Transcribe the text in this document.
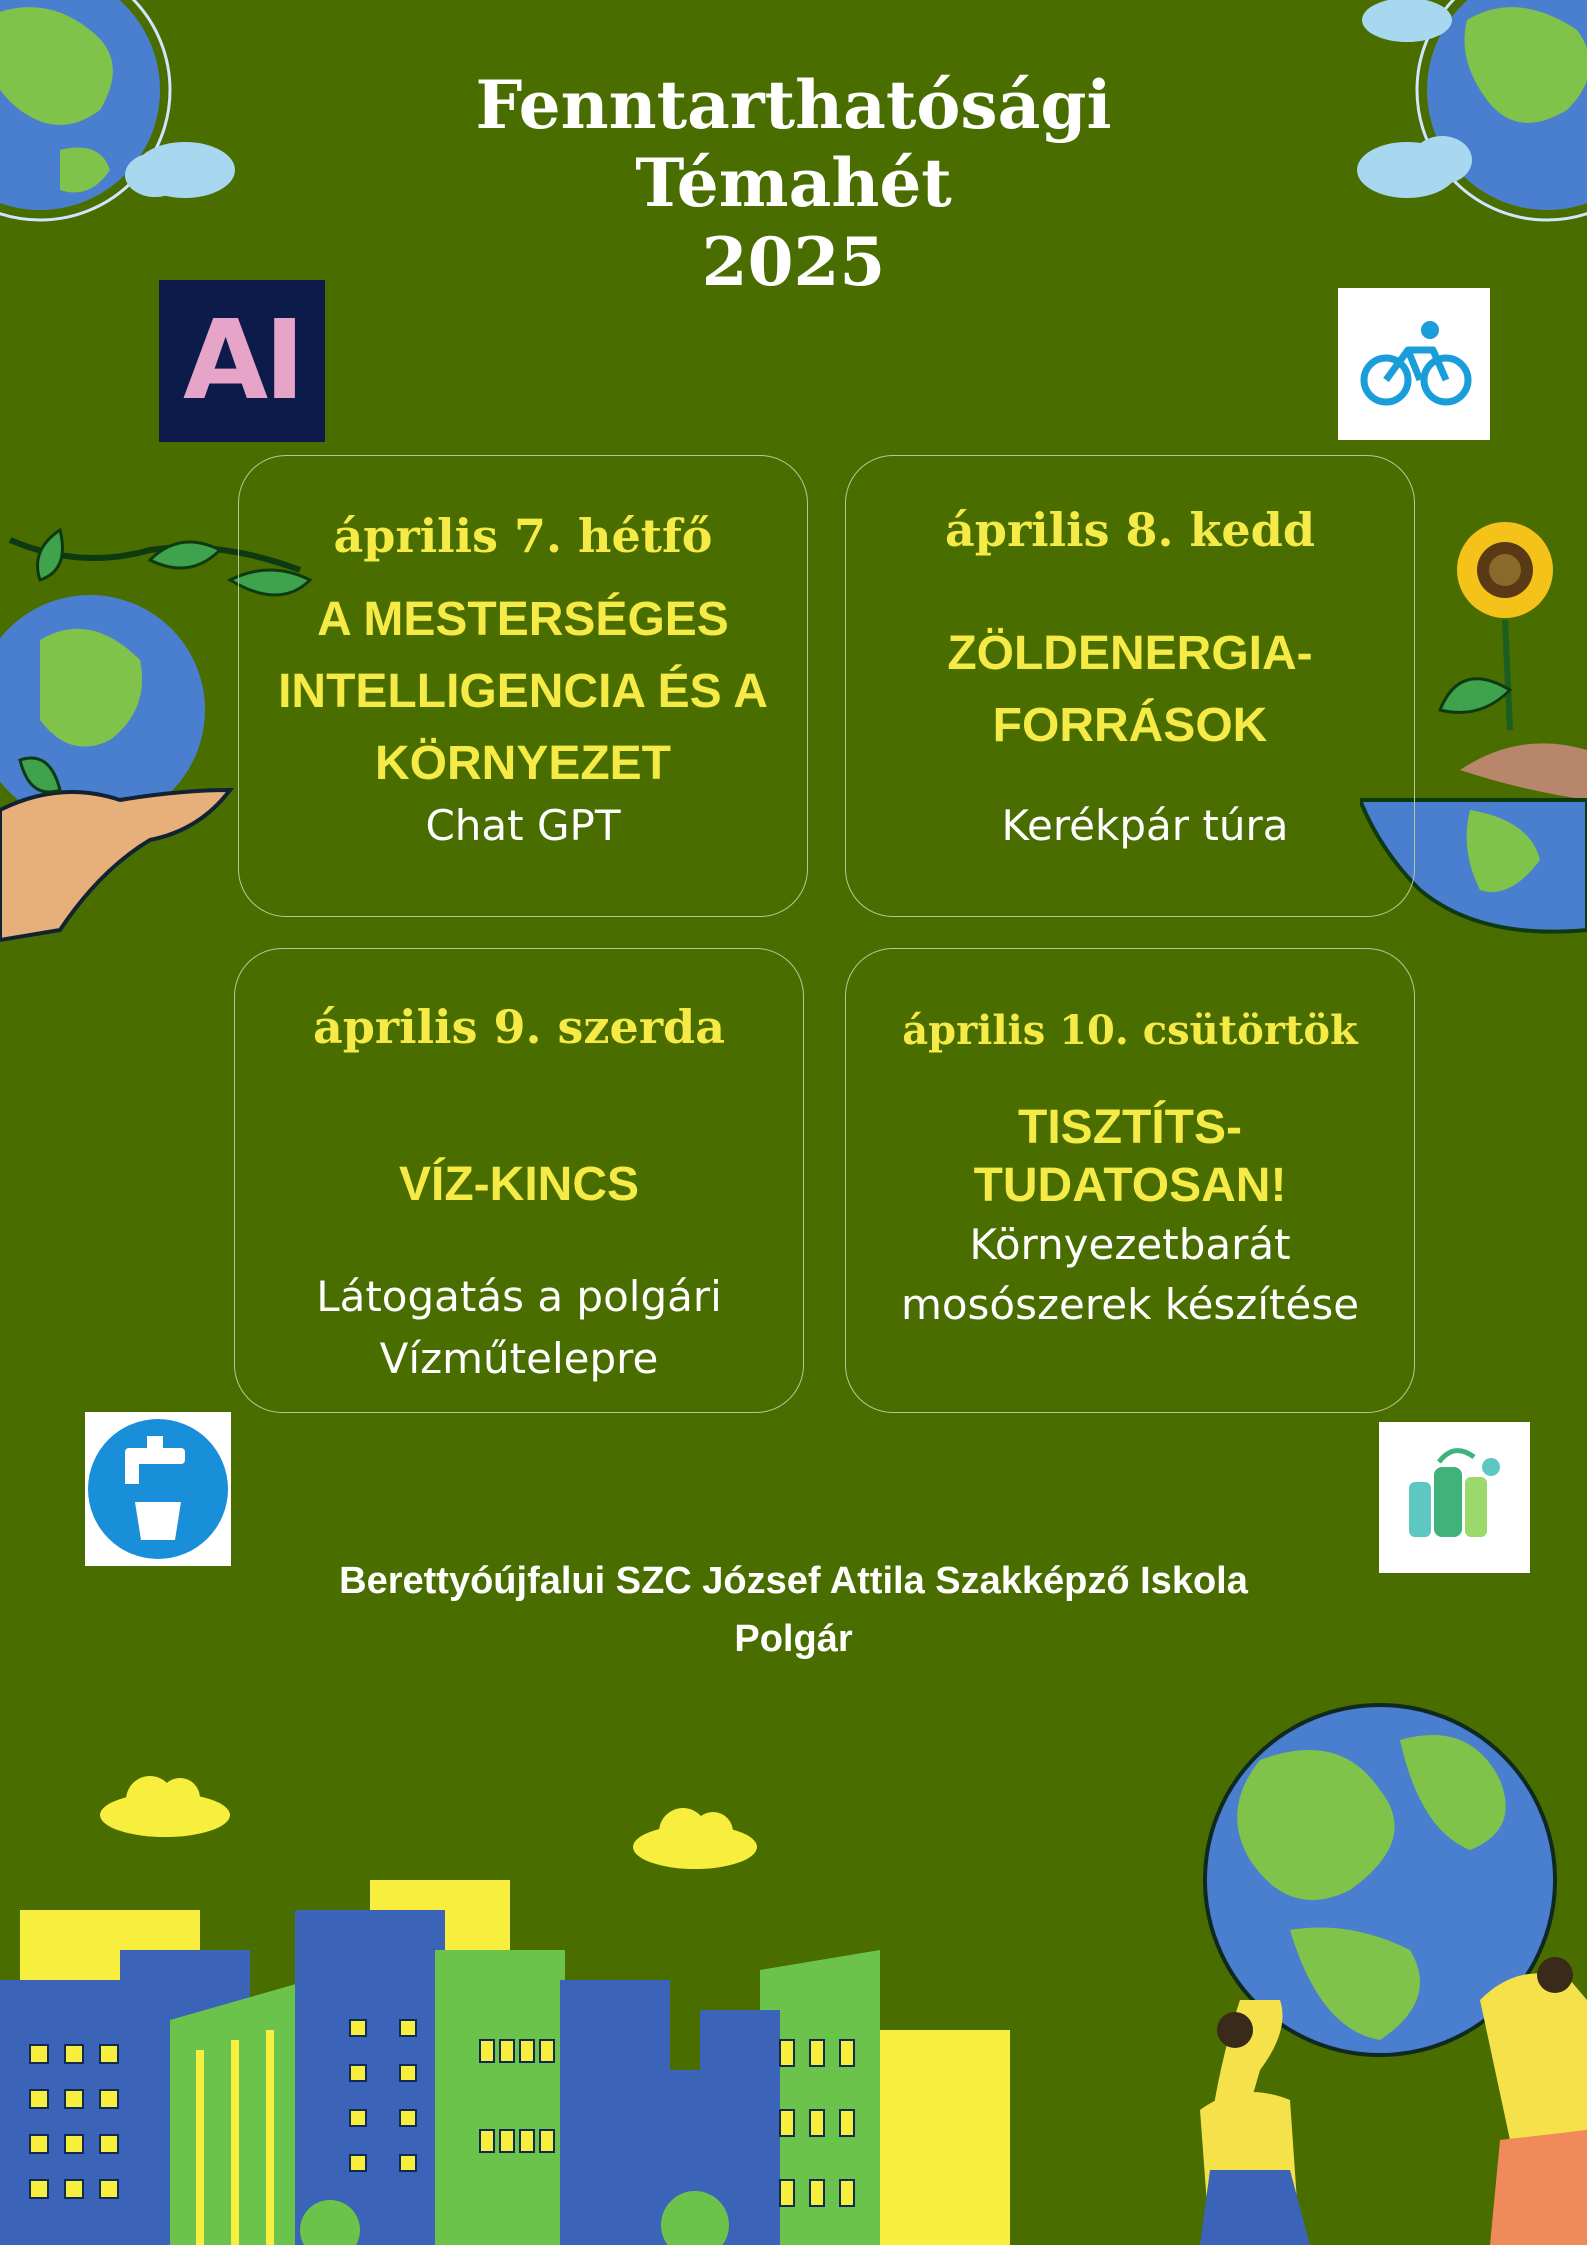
Fenntarthatósági
Témahét
2025
AI
április 7. hétfő
A MESTERSÉGES
INTELLIGENCIA ÉS A
KÖRNYEZET
Chat GPT
április 8. kedd
ZÖLDENERGIA-
FORRÁSOK
Kerékpár túra
április 9. szerda
VÍZ-KINCS
Látogatás a polgári
Vízműtelepre
április 10. csütörtök
TISZTÍTS-
TUDATOSAN!
Környezetbarát
mosószerek készítése
Berettyóújfalui SZC József Attila Szakképző Iskola
Polgár
